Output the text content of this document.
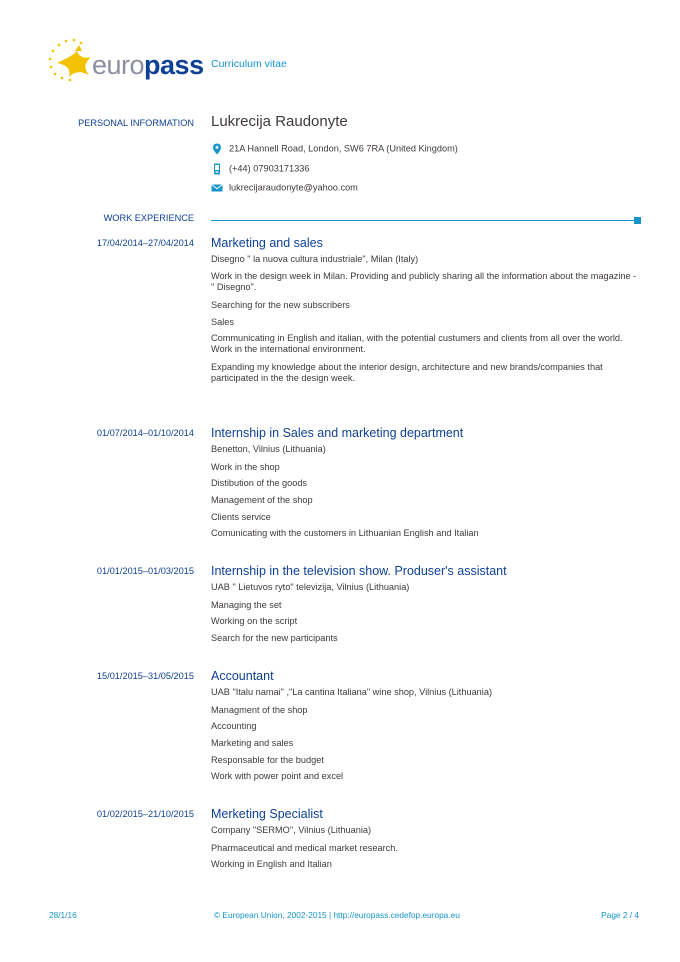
europass Curriculum vitae
PERSONAL INFORMATION Lukrecija Raudonyte
21A Hannell Road, London, SW6 7RA (United Kingdom)
(+44) 07903171336
lukrecijaraudonyte@yahoo.com
WORK EXPERIENCE
17/04/2014–27/04/2014 Marketing and sales
Disegno " la nuova cultura industriale", Milan (Italy)
Work in the design week in Milan. Providing and publicly sharing all the information about the magazine - " Disegno".
Searching for the new subscribers
Sales
Communicating in English and italian, with the potential custumers and clients from all over the world. Work in the international environment.
Expanding my knowledge about the interior design, architecture and new brands/companies that participated in the the design week.
01/07/2014–01/10/2014 Internship in Sales and marketing department
Benetton, Vilnius (Lithuania)
Work in the shop
Distibution of the goods
Management of the shop
Clients service
Comunicating with the customers in Lithuanian English and Italian
01/01/2015–01/03/2015 Internship in the television show. Produser's assistant
UAB " Lietuvos ryto" televizija, Vilnius (Lithuania)
Managing the set
Working on the script
Search for the new participants
15/01/2015–31/05/2015 Accountant
UAB "Italu namai" ,"La cantina Italiana" wine shop, Vilnius (Lithuania)
Managment of the shop
Accounting
Marketing and sales
Responsable for the budget
Work with power point and excel
01/02/2015–21/10/2015 Merketing Specialist
Company "SERMO", Vilnius (Lithuania)
Pharmaceutical and medical market research.
Working in English and Italian
28/1/16	© European Union, 2002-2015 | http://europass.cedefop.europa.eu	Page 2 / 4
